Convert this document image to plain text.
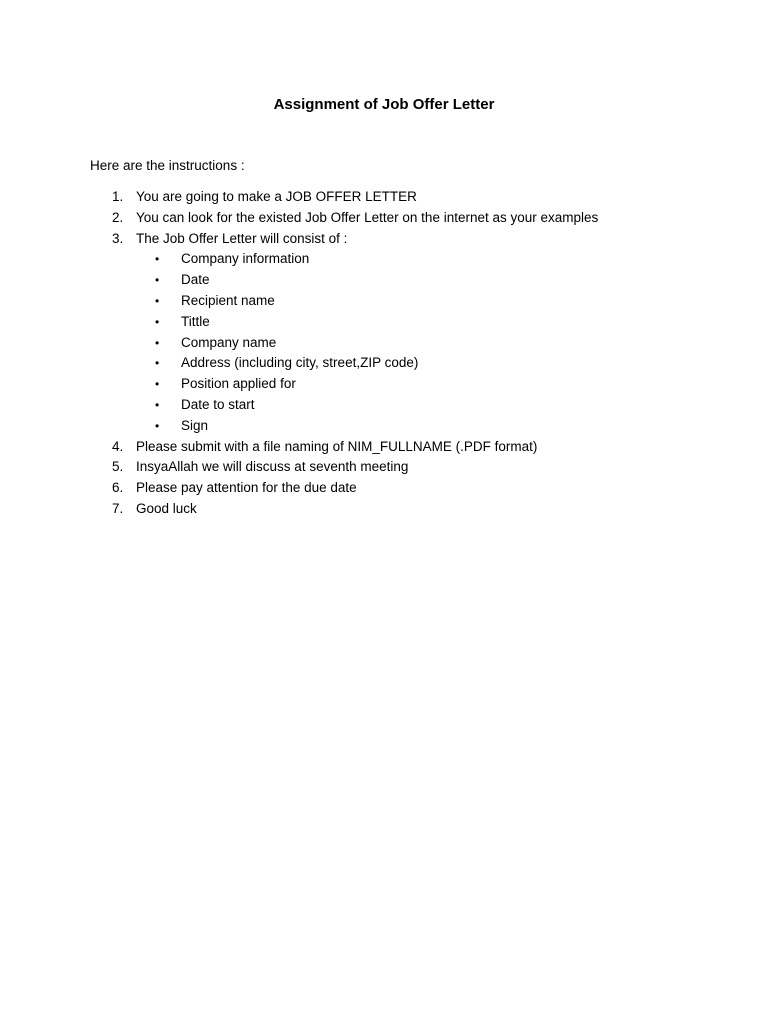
Assignment of Job Offer Letter
Here are the instructions :
1. You are going to make a JOB OFFER LETTER
2. You can look for the existed Job Offer Letter on the internet as your examples
3. The Job Offer Letter will consist of :
•	Company information
•	Date
•	Recipient name
•	Tittle
•	Company name
•	Address (including city, street,ZIP code)
•	Position applied for
•	Date to start
•	Sign
4. Please submit with a file naming of NIM_FULLNAME (.PDF format)
5. InsyaAllah we will discuss at seventh meeting
6. Please pay attention for the due date
7. Good luck
